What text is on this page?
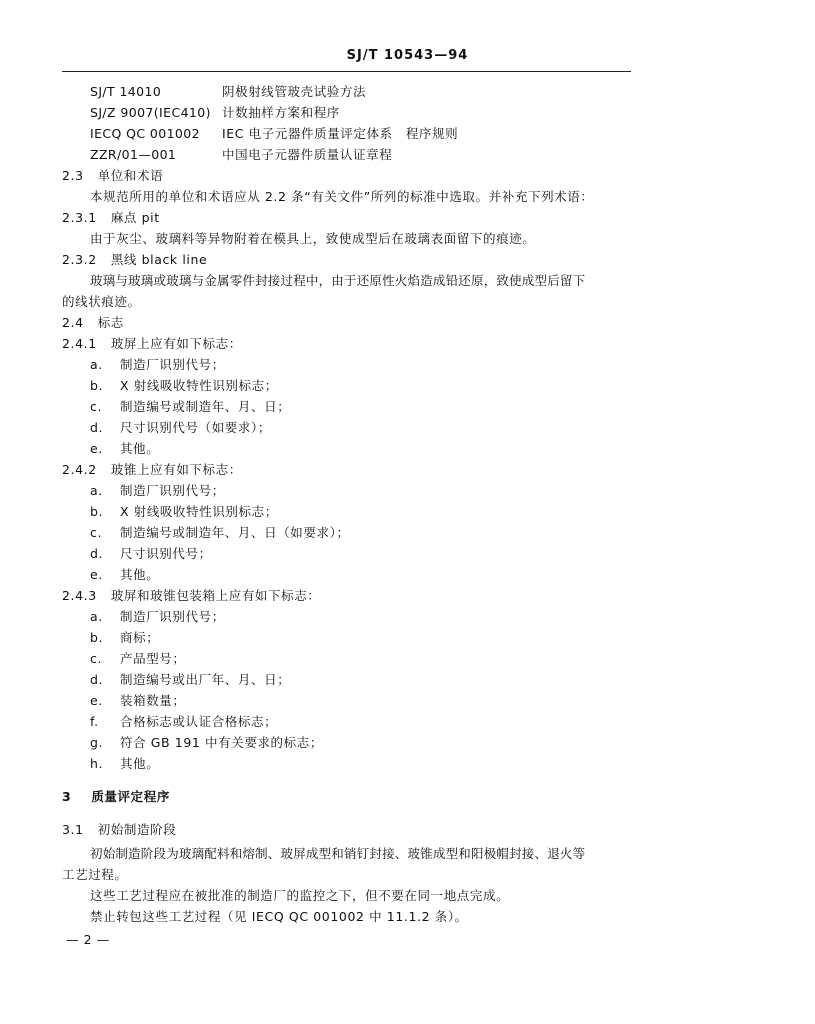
SJ/T 10543—94
SJ/T 14010	阴极射线管玻壳试验方法
SJ/Z 9007(IEC410) 计数抽样方案和程序
IECQ QC 001002 IEC 电子元器件质量评定体系　程序规则
ZZR/01—001	中国电子元器件质量认证章程
2.3 单位和术语
本规范所用的单位和术语应从 2.2 条“有关文件”所列的标准中选取。并补充下列术语：
2.3.1 麻点 pit
由于灰尘、玻璃料等异物附着在模具上，致使成型后在玻璃表面留下的痕迹。
2.3.2 黑线 black line
玻璃与玻璃或玻璃与金属零件封接过程中，由于还原性火焰造成铅还原，致使成型后留下
的线状痕迹。
2.4 标志
2.4.1 玻屏上应有如下标志：
a. 制造厂识别代号；
b. X 射线吸收特性识别标志；
c. 制造编号或制造年、月、日；
d. 尺寸识别代号（如要求）；
e. 其他。
2.4.2 玻锥上应有如下标志：
a. 制造厂识别代号；
b. X 射线吸收特性识别标志；
c. 制造编号或制造年、月、日（如要求）；
d. 尺寸识别代号；
e. 其他。
2.4.3 玻屏和玻锥包装箱上应有如下标志：
a. 制造厂识别代号；
b. 商标；
c. 产品型号；
d. 制造编号或出厂年、月、日；
e. 装箱数量；
f. 合格标志或认证合格标志；
g. 符合 GB 191 中有关要求的标志；
h. 其他。
3 质量评定程序
3.1 初始制造阶段
初始制造阶段为玻璃配料和熔制、玻屏成型和销钉封接、玻锥成型和阳极帽封接、退火等
工艺过程。
这些工艺过程应在被批准的制造厂的监控之下，但不要在同一地点完成。
禁止转包这些工艺过程（见 IECQ QC 001002 中 11.1.2 条）。
— 2 —
